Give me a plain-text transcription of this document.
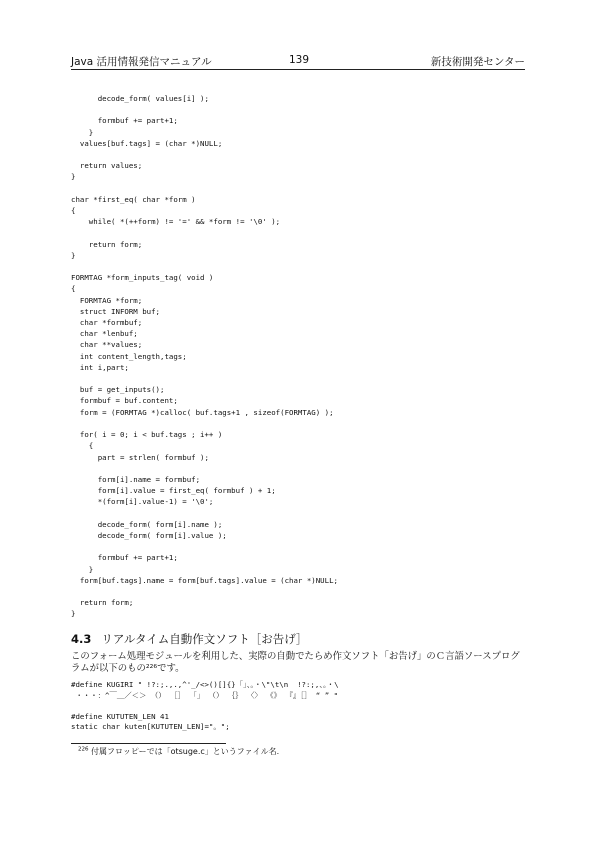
Java 活用情報発信マニュアル	139	新技術開発センター
decode_form( values[i] );

formbuf += part+1;
}
values[buf.tags] = (char *)NULL;

return values;
}

char *first_eq( char *form )
{
while( *(++form) != '=' && *form != '\0' );

return form;
}

FORMTAG *form_inputs_tag( void )
{
FORMTAG *form;
struct INFORM buf;
char *formbuf;
char *lenbuf;
char **values;
int content_length,tags;
int i,part;

buf = get_inputs();
formbuf = buf.content;
form = (FORMTAG *)calloc( buf.tags+1 , sizeof(FORMTAG) );

for( i = 0; i < buf.tags ; i++ )
{
part = strlen( formbuf );

form[i].name = formbuf;
form[i].value = first_eq( formbuf ) + 1;
*(form[i].value-1) = '\0';

decode_form( form[i].name );
decode_form( form[i].value );

formbuf += part+1;
}
form[buf.tags].name = form[buf.tags].value = (char *)NULL;

return form;
}
4.3 リアルタイム自動作文ソフト［お告げ］
このフォーム処理モジュールを利用した、実際の自動でたらめ作文ソフト「お告げ」のＣ言語ソースプログラムが以下のもの²²⁶です。
#define KUGIRI " !?:;.,.,^'_/<>()[]{}「」、。・\"\t\n  !?:;,、。・\
・・・：^￣＿／＜＞ （） ［］ 「」 （） ｛｝ 〈〉 《》 『』［］ “ ” "

#define KUTUTEN_LEN 41
static char kuten[KUTUTEN_LEN]="。";
$^{226}$ 付属フロッピーでは「otsuge.c」というファイル名.
